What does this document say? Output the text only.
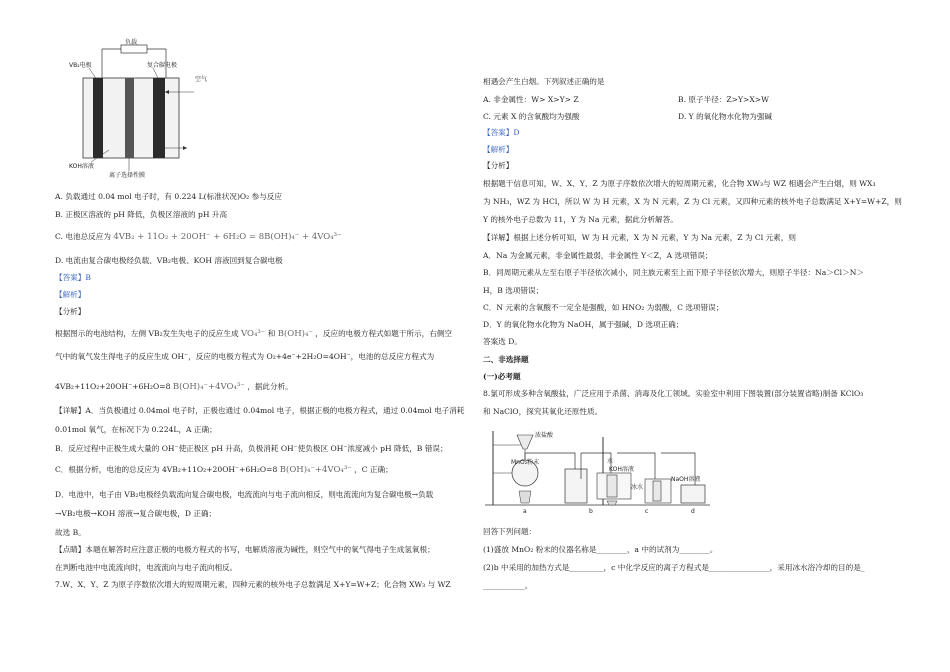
负载
VB₂电极	复合碳电极
空气
KOH溶液
离子选择性膜
A. 负载通过 0.04 mol 电子时，有 0.224 L(标准状况)O₂ 参与反应
B. 正极区溶液的 pH 降低，负极区溶液的 pH 升高
C. 电池总反应为 4VB₂ + 11O₂ + 20OH⁻ + 6H₂O = 8B(OH)₄⁻ + 4VO₄³⁻
D. 电流由复合碳电极经负载、VB₂电极、KOH 溶液回到复合碳电极
【答案】B
【解析】
【分析】
根据图示的电池结构，左侧 VB₂发生失电子的反应生成 VO₄³⁻ 和 B(OH)₄⁻ ，反应的电极方程式如题干所示，右侧空
气中的氧气发生得电子的反应生成 OH⁻，反应的电极方程式为 O₂+4e⁻+2H₂O=4OH⁻，电池的总反应方程式为
4VB₂+11O₂+20OH⁻+6H₂O=8 B(OH)₄⁻+4VO₄³⁻ ，据此分析。
【详解】A．当负极通过 0.04mol 电子时，正极也通过 0.04mol 电子，根据正极的电极方程式，通过 0.04mol 电子消耗
0.01mol 氧气，在标况下为 0.224L，A 正确；
B．反应过程中正极生成大量的 OH⁻使正极区 pH 升高，负极消耗 OH⁻使负极区 OH⁻浓度减小 pH 降低，B 错误；
C．根据分析，电池的总反应为 4VB₂+11O₂+20OH⁻+6H₂O=8 B(OH)₄⁻+4VO₄³⁻ ，C 正确；
D．电池中，电子由 VB₂电极经负载流向复合碳电极，电流流向与电子流向相反，则电流流向为复合碳电极→负载
→VB₂电极→KOH 溶液→复合碳电极，D 正确；
故选 B。
【点睛】本题在解答时应注意正极的电极方程式的书写，电解质溶液为碱性，则空气中的氧气得电子生成氢氧根；
在判断电池中电流流向时，电流流向与电子流向相反。
7.W、X、Y、Z 为原子序数依次增大的短周期元素，四种元素的核外电子总数满足 X+Y=W+Z；化合物 XW₃ 与 WZ
相遇会产生白烟。下列叙述正确的是
A. 非金属性：W> X>Y> Z	B. 原子半径：Z>Y>X>W
C. 元素 X 的含氧酸均为强酸	D. Y 的氧化物水化物为强碱
【答案】D
【解析】
【分析】
根据题干信息可知，W、X、Y、Z 为原子序数依次增大的短周期元素，化合物 XW₃与 WZ 相遇会产生白烟，则 WX₃
为 NH₃，WZ 为 HCl，所以 W 为 H 元素，X 为 N 元素，Z 为 Cl 元素，又四种元素的核外电子总数满足 X+Y=W+Z，则
Y 的核外电子总数为 11，Y 为 Na 元素，据此分析解答。
【详解】根据上述分析可知，W 为 H 元素，X 为 N 元素，Y 为 Na 元素，Z 为 Cl 元素，则
A．Na 为金属元素，非金属性最弱，非金属性 Y＜Z，A 选项错误；
B．同周期元素从左至右原子半径依次减小，同主族元素至上而下原子半径依次增大，则原子半径：Na＞Cl＞N＞
H，B 选项错误；
C．N 元素的含氧酸不一定全是强酸，如 HNO₂ 为弱酸，C 选项错误；
D．Y 的氧化物水化物为 NaOH，属于强碱，D 选项正确；
答案选 D。
二、非选择题
(一)必考题
8.氯可形成多种含氧酸盐，广泛应用于杀菌、消毒及化工领域。实验室中利用下图装置(部分装置省略)制备 KClO₃
和 NaClO，探究其氧化还原性质。
浓盐酸
MnO₂粉末	水
KOH溶液
冰水
NaOH溶液
a	b	c	d
回答下列问题：
(1)盛放 MnO₂ 粉末的仪器名称是________，a 中的试剂为________。
(2)b 中采用的加热方式是_________，c 中化学反应的离子方程式是________________，采用冰水浴冷却的目的是_
___________。
